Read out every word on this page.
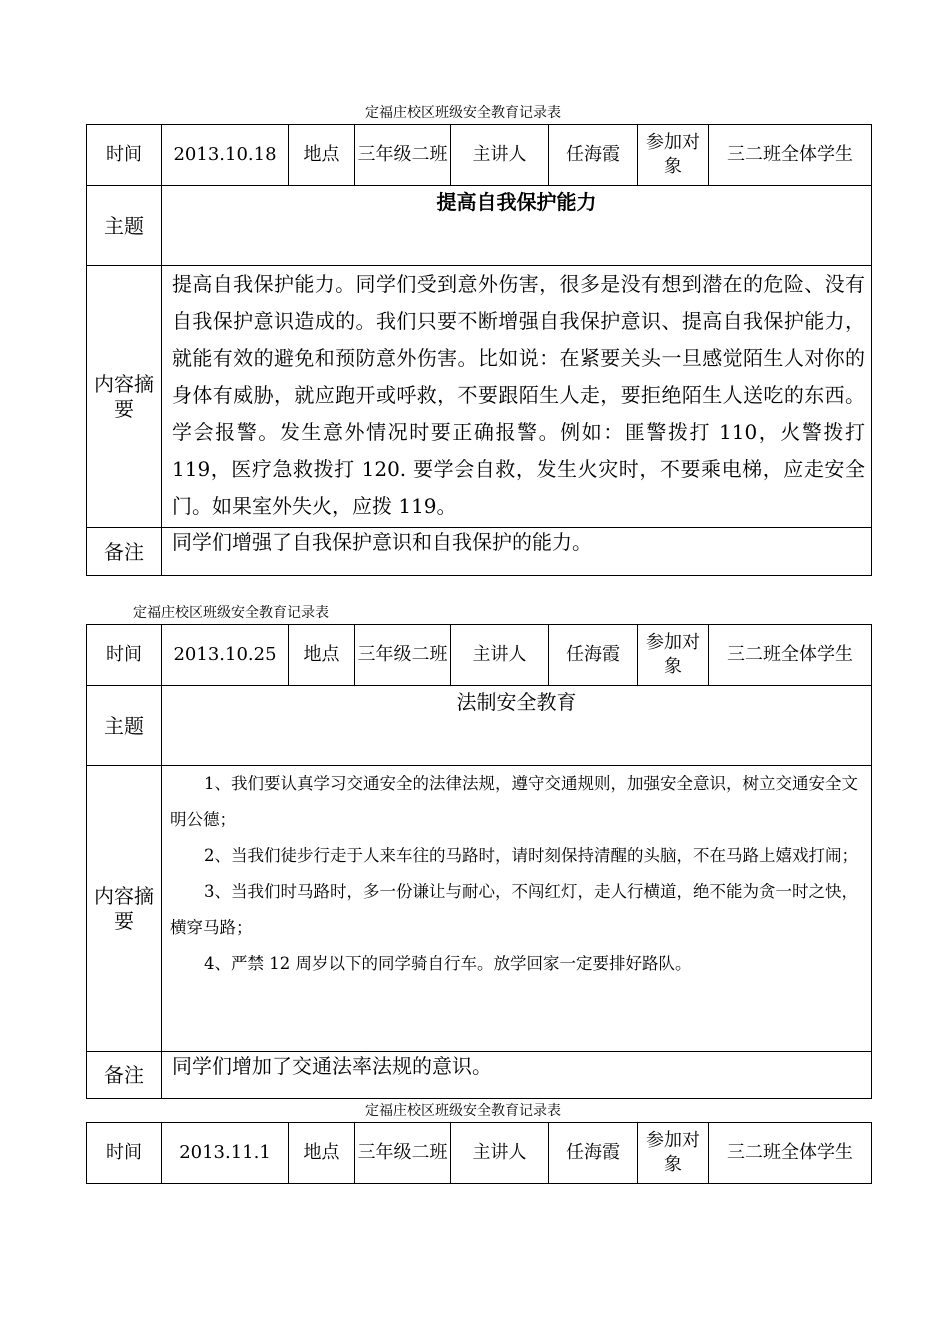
定福庄校区班级安全教育记录表
时间	2013.10.18	地点	三年级二班	主讲人	任海霞	参加对象	三二班全体学生
主题	提高自我保护能力						
内容摘要	提高自我保护能力。同学们受到意外伤害，很多是没有想到潜在的危险、没有自我保护意识造成的。我们只要不断增强自我保护意识、提高自我保护能力，就能有效的避免和预防意外伤害。比如说：在紧要关头一旦感觉陌生人对你的身体有威胁，就应跑开或呼救，不要跟陌生人走，要拒绝陌生人送吃的东西。学会报警。发生意外情况时要正确报警。例如：匪警拨打 110，火警拨打 119，医疗急救拨打 120. 要学会自救，发生火灾时，不要乘电梯，应走安全门。如果室外失火，应拨 119。						
备注	同学们增强了自我保护意识和自我保护的能力。						
定福庄校区班级安全教育记录表
时间	2013.10.25	地点	三年级二班	主讲人	任海霞	参加对象	三二班全体学生
主题	法制安全教育						
内容摘要	1、我们要认真学习交通安全的法律法规，遵守交通规则，加强安全意识，树立交通安全文明公德；

2、当我们徒步行走于人来车往的马路时，请时刻保持清醒的头脑，不在马路上嬉戏打闹；

3、当我们时马路时，多一份谦让与耐心，不闯红灯，走人行横道，绝不能为贪一时之快，横穿马路；

4、严禁 12 周岁以下的同学骑自行车。放学回家一定要排好路队。						

备注	同学们增加了交通法率法规的意识。						
定福庄校区班级安全教育记录表
时间	2013.11.1	地点	三年级二班	主讲人	任海霞	参加对象	三二班全体学生
